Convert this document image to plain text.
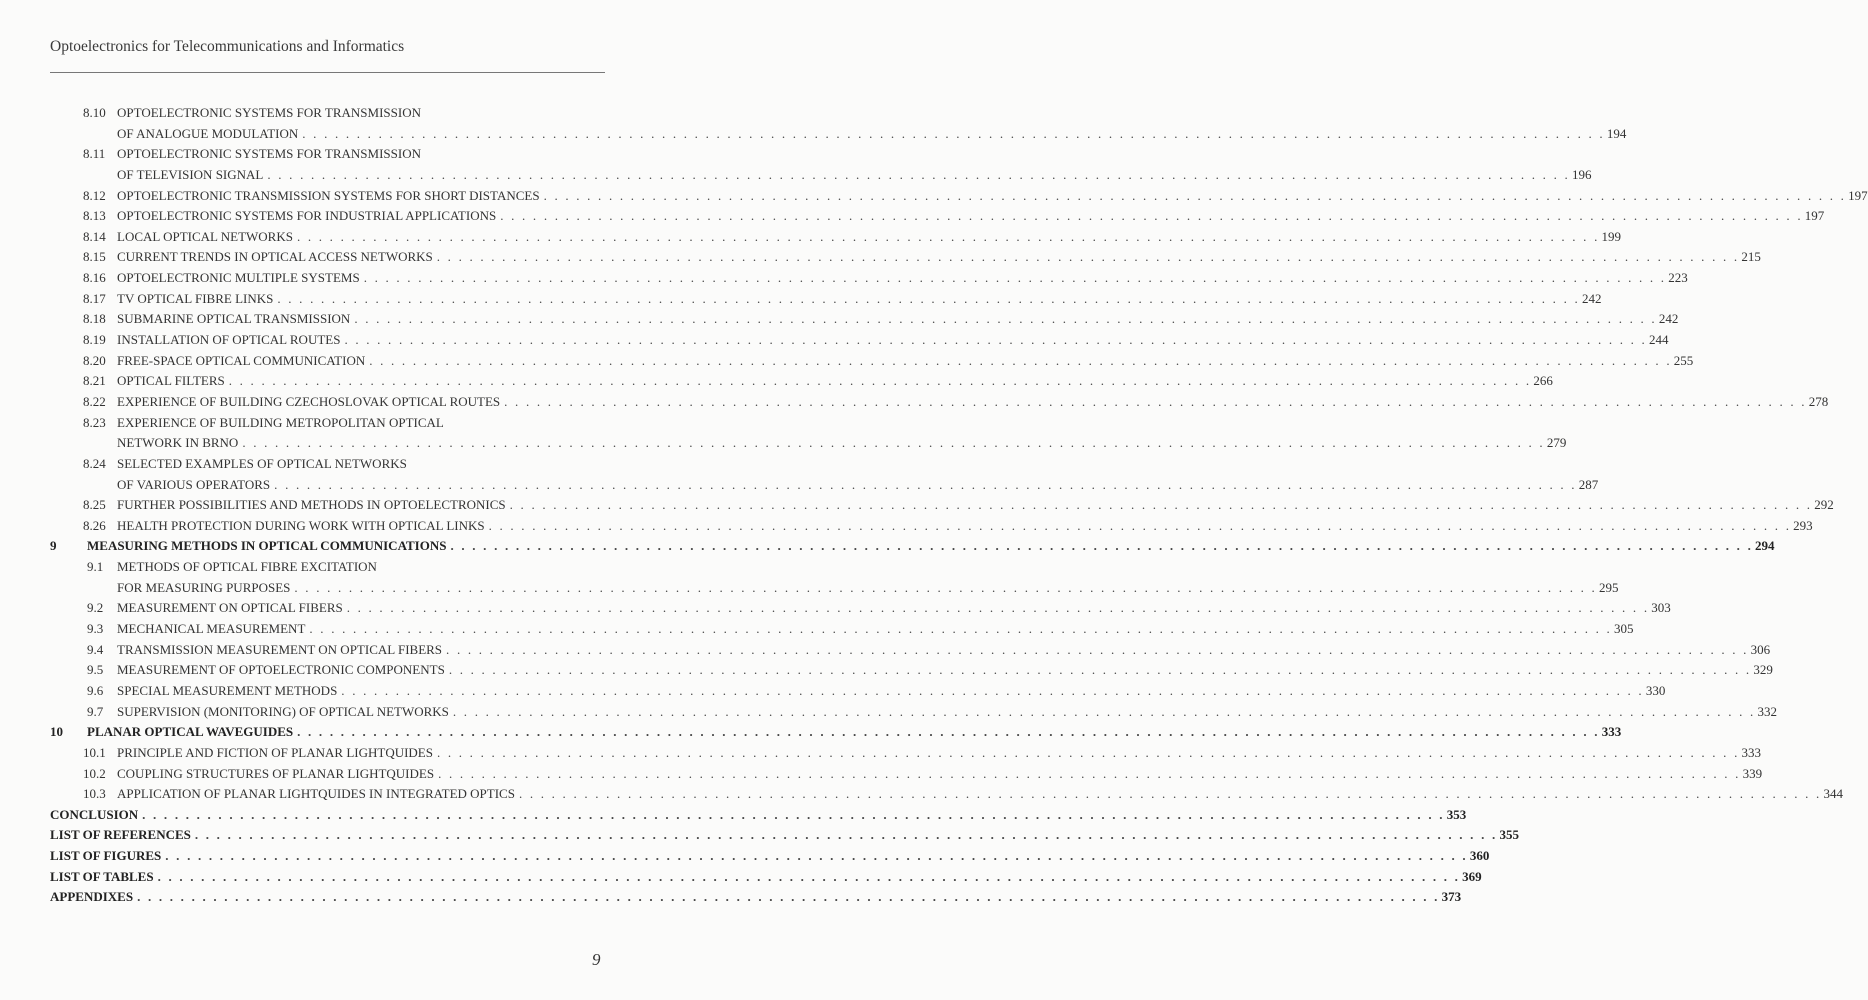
Optoelectronics for Telecommunications and Informatics
8.10 OPTOELECTRONIC SYSTEMS FOR TRANSMISSION
OF ANALOGUE MODULATION . . . . . . . . . . . . . . . . . . . . . . . . . . . . . . . . . . . . . . . . . . . . . . . . . . . . . . . . . . . . . . . . . . . . . . . . . . . . . . . . . . . . . . . . . . . . . . . . . . . . . . . . . . . . . . . . . . . . . . . . 194
8.11 OPTOELECTRONIC SYSTEMS FOR TRANSMISSION
OF TELEVISION SIGNAL . . . . . . . . . . . . . . . . . . . . . . . . . . . . . . . . . . . . . . . . . . . . . . . . . . . . . . . . . . . . . . . . . . . . . . . . . . . . . . . . . . . . . . . . . . . . . . . . . . . . . . . . . . . . . . . . . . . . . . . . 196
8.12 OPTOELECTRONIC TRANSMISSION SYSTEMS FOR SHORT DISTANCES . . . . . . . . . . . . . . . . . . . . . . . . . . . . . . . . . . . . . . . . . . . . . . . . . . . . . . . . . . . . . . . . . . . . . . . . . . . . . . . . . . . . . . . . . . . . . . . . . . . . . . . . . . . . . . . . . . . . . . . . 197
8.13 OPTOELECTRONIC SYSTEMS FOR INDUSTRIAL APPLICATIONS . . . . . . . . . . . . . . . . . . . . . . . . . . . . . . . . . . . . . . . . . . . . . . . . . . . . . . . . . . . . . . . . . . . . . . . . . . . . . . . . . . . . . . . . . . . . . . . . . . . . . . . . . . . . . . . . . . . . . . . . 197
8.14 LOCAL OPTICAL NETWORKS . . . . . . . . . . . . . . . . . . . . . . . . . . . . . . . . . . . . . . . . . . . . . . . . . . . . . . . . . . . . . . . . . . . . . . . . . . . . . . . . . . . . . . . . . . . . . . . . . . . . . . . . . . . . . . . . . . . . . . . . 199
8.15 CURRENT TRENDS IN OPTICAL ACCESS NETWORKS . . . . . . . . . . . . . . . . . . . . . . . . . . . . . . . . . . . . . . . . . . . . . . . . . . . . . . . . . . . . . . . . . . . . . . . . . . . . . . . . . . . . . . . . . . . . . . . . . . . . . . . . . . . . . . . . . . . . . . . . 215
8.16 OPTOELECTRONIC MULTIPLE SYSTEMS . . . . . . . . . . . . . . . . . . . . . . . . . . . . . . . . . . . . . . . . . . . . . . . . . . . . . . . . . . . . . . . . . . . . . . . . . . . . . . . . . . . . . . . . . . . . . . . . . . . . . . . . . . . . . . . . . . . . . . . . 223
8.17 TV OPTICAL FIBRE LINKS . . . . . . . . . . . . . . . . . . . . . . . . . . . . . . . . . . . . . . . . . . . . . . . . . . . . . . . . . . . . . . . . . . . . . . . . . . . . . . . . . . . . . . . . . . . . . . . . . . . . . . . . . . . . . . . . . . . . . . . . 242
8.18 SUBMARINE OPTICAL TRANSMISSION . . . . . . . . . . . . . . . . . . . . . . . . . . . . . . . . . . . . . . . . . . . . . . . . . . . . . . . . . . . . . . . . . . . . . . . . . . . . . . . . . . . . . . . . . . . . . . . . . . . . . . . . . . . . . . . . . . . . . . . . 242
8.19 INSTALLATION OF OPTICAL ROUTES . . . . . . . . . . . . . . . . . . . . . . . . . . . . . . . . . . . . . . . . . . . . . . . . . . . . . . . . . . . . . . . . . . . . . . . . . . . . . . . . . . . . . . . . . . . . . . . . . . . . . . . . . . . . . . . . . . . . . . . . 244
8.20 FREE-SPACE OPTICAL COMMUNICATION . . . . . . . . . . . . . . . . . . . . . . . . . . . . . . . . . . . . . . . . . . . . . . . . . . . . . . . . . . . . . . . . . . . . . . . . . . . . . . . . . . . . . . . . . . . . . . . . . . . . . . . . . . . . . . . . . . . . . . . . 255
8.21 OPTICAL FILTERS . . . . . . . . . . . . . . . . . . . . . . . . . . . . . . . . . . . . . . . . . . . . . . . . . . . . . . . . . . . . . . . . . . . . . . . . . . . . . . . . . . . . . . . . . . . . . . . . . . . . . . . . . . . . . . . . . . . . . . . . 266
8.22 EXPERIENCE OF BUILDING CZECHOSLOVAK OPTICAL ROUTES . . . . . . . . . . . . . . . . . . . . . . . . . . . . . . . . . . . . . . . . . . . . . . . . . . . . . . . . . . . . . . . . . . . . . . . . . . . . . . . . . . . . . . . . . . . . . . . . . . . . . . . . . . . . . . . . . . . . . . . . 278
8.23 EXPERIENCE OF BUILDING METROPOLITAN OPTICAL
NETWORK IN BRNO . . . . . . . . . . . . . . . . . . . . . . . . . . . . . . . . . . . . . . . . . . . . . . . . . . . . . . . . . . . . . . . . . . . . . . . . . . . . . . . . . . . . . . . . . . . . . . . . . . . . . . . . . . . . . . . . . . . . . . . . 279
8.24 SELECTED EXAMPLES OF OPTICAL NETWORKS
OF VARIOUS OPERATORS . . . . . . . . . . . . . . . . . . . . . . . . . . . . . . . . . . . . . . . . . . . . . . . . . . . . . . . . . . . . . . . . . . . . . . . . . . . . . . . . . . . . . . . . . . . . . . . . . . . . . . . . . . . . . . . . . . . . . . . . 287
8.25 FURTHER POSSIBILITIES AND METHODS IN OPTOELECTRONICS . . . . . . . . . . . . . . . . . . . . . . . . . . . . . . . . . . . . . . . . . . . . . . . . . . . . . . . . . . . . . . . . . . . . . . . . . . . . . . . . . . . . . . . . . . . . . . . . . . . . . . . . . . . . . . . . . . . . . . . . 292
8.26 HEALTH PROTECTION DURING WORK WITH OPTICAL LINKS . . . . . . . . . . . . . . . . . . . . . . . . . . . . . . . . . . . . . . . . . . . . . . . . . . . . . . . . . . . . . . . . . . . . . . . . . . . . . . . . . . . . . . . . . . . . . . . . . . . . . . . . . . . . . . . . . . . . . . . . 293
9 MEASURING METHODS IN OPTICAL COMMUNICATIONS . . . . . . . . . . . . . . . . . . . . . . . . . . . . . . . . . . . . . . . . . . . . . . . . . . . . . . . . . . . . . . . . . . . . . . . . . . . . . . . . . . . . . . . . . . . . . . . . . . . . . . . . . . . . . . . . . . . . . . . . 294
9.1 METHODS OF OPTICAL FIBRE EXCITATION
FOR MEASURING PURPOSES . . . . . . . . . . . . . . . . . . . . . . . . . . . . . . . . . . . . . . . . . . . . . . . . . . . . . . . . . . . . . . . . . . . . . . . . . . . . . . . . . . . . . . . . . . . . . . . . . . . . . . . . . . . . . . . . . . . . . . . . 295
9.2 MEASUREMENT ON OPTICAL FIBERS . . . . . . . . . . . . . . . . . . . . . . . . . . . . . . . . . . . . . . . . . . . . . . . . . . . . . . . . . . . . . . . . . . . . . . . . . . . . . . . . . . . . . . . . . . . . . . . . . . . . . . . . . . . . . . . . . . . . . . . . 303
9.3 MECHANICAL MEASUREMENT . . . . . . . . . . . . . . . . . . . . . . . . . . . . . . . . . . . . . . . . . . . . . . . . . . . . . . . . . . . . . . . . . . . . . . . . . . . . . . . . . . . . . . . . . . . . . . . . . . . . . . . . . . . . . . . . . . . . . . . . 305
9.4 TRANSMISSION MEASUREMENT ON OPTICAL FIBERS . . . . . . . . . . . . . . . . . . . . . . . . . . . . . . . . . . . . . . . . . . . . . . . . . . . . . . . . . . . . . . . . . . . . . . . . . . . . . . . . . . . . . . . . . . . . . . . . . . . . . . . . . . . . . . . . . . . . . . . . 306
9.5 MEASUREMENT OF OPTOELECTRONIC COMPONENTS . . . . . . . . . . . . . . . . . . . . . . . . . . . . . . . . . . . . . . . . . . . . . . . . . . . . . . . . . . . . . . . . . . . . . . . . . . . . . . . . . . . . . . . . . . . . . . . . . . . . . . . . . . . . . . . . . . . . . . . . 329
9.6 SPECIAL MEASUREMENT METHODS . . . . . . . . . . . . . . . . . . . . . . . . . . . . . . . . . . . . . . . . . . . . . . . . . . . . . . . . . . . . . . . . . . . . . . . . . . . . . . . . . . . . . . . . . . . . . . . . . . . . . . . . . . . . . . . . . . . . . . . . 330
9.7 SUPERVISION (MONITORING) OF OPTICAL NETWORKS . . . . . . . . . . . . . . . . . . . . . . . . . . . . . . . . . . . . . . . . . . . . . . . . . . . . . . . . . . . . . . . . . . . . . . . . . . . . . . . . . . . . . . . . . . . . . . . . . . . . . . . . . . . . . . . . . . . . . . . . 332
10 PLANAR OPTICAL WAVEGUIDES . . . . . . . . . . . . . . . . . . . . . . . . . . . . . . . . . . . . . . . . . . . . . . . . . . . . . . . . . . . . . . . . . . . . . . . . . . . . . . . . . . . . . . . . . . . . . . . . . . . . . . . . . . . . . . . . . . . . . . . . 333
10.1 PRINCIPLE AND FICTION OF PLANAR LIGHTQUIDES . . . . . . . . . . . . . . . . . . . . . . . . . . . . . . . . . . . . . . . . . . . . . . . . . . . . . . . . . . . . . . . . . . . . . . . . . . . . . . . . . . . . . . . . . . . . . . . . . . . . . . . . . . . . . . . . . . . . . . . . 333
10.2 COUPLING STRUCTURES OF PLANAR LIGHTQUIDES . . . . . . . . . . . . . . . . . . . . . . . . . . . . . . . . . . . . . . . . . . . . . . . . . . . . . . . . . . . . . . . . . . . . . . . . . . . . . . . . . . . . . . . . . . . . . . . . . . . . . . . . . . . . . . . . . . . . . . . . 339
10.3 APPLICATION OF PLANAR LIGHTQUIDES IN INTEGRATED OPTICS . . . . . . . . . . . . . . . . . . . . . . . . . . . . . . . . . . . . . . . . . . . . . . . . . . . . . . . . . . . . . . . . . . . . . . . . . . . . . . . . . . . . . . . . . . . . . . . . . . . . . . . . . . . . . . . . . . . . . . . . 344
CONCLUSION . . . . . . . . . . . . . . . . . . . . . . . . . . . . . . . . . . . . . . . . . . . . . . . . . . . . . . . . . . . . . . . . . . . . . . . . . . . . . . . . . . . . . . . . . . . . . . . . . . . . . . . . . . . . . . . . . . . . . . . . 353
LIST OF REFERENCES . . . . . . . . . . . . . . . . . . . . . . . . . . . . . . . . . . . . . . . . . . . . . . . . . . . . . . . . . . . . . . . . . . . . . . . . . . . . . . . . . . . . . . . . . . . . . . . . . . . . . . . . . . . . . . . . . . . . . . . . 355
LIST OF FIGURES . . . . . . . . . . . . . . . . . . . . . . . . . . . . . . . . . . . . . . . . . . . . . . . . . . . . . . . . . . . . . . . . . . . . . . . . . . . . . . . . . . . . . . . . . . . . . . . . . . . . . . . . . . . . . . . . . . . . . . . . 360
LIST OF TABLES . . . . . . . . . . . . . . . . . . . . . . . . . . . . . . . . . . . . . . . . . . . . . . . . . . . . . . . . . . . . . . . . . . . . . . . . . . . . . . . . . . . . . . . . . . . . . . . . . . . . . . . . . . . . . . . . . . . . . . . . 369
APPENDIXES . . . . . . . . . . . . . . . . . . . . . . . . . . . . . . . . . . . . . . . . . . . . . . . . . . . . . . . . . . . . . . . . . . . . . . . . . . . . . . . . . . . . . . . . . . . . . . . . . . . . . . . . . . . . . . . . . . . . . . . . 373
9
